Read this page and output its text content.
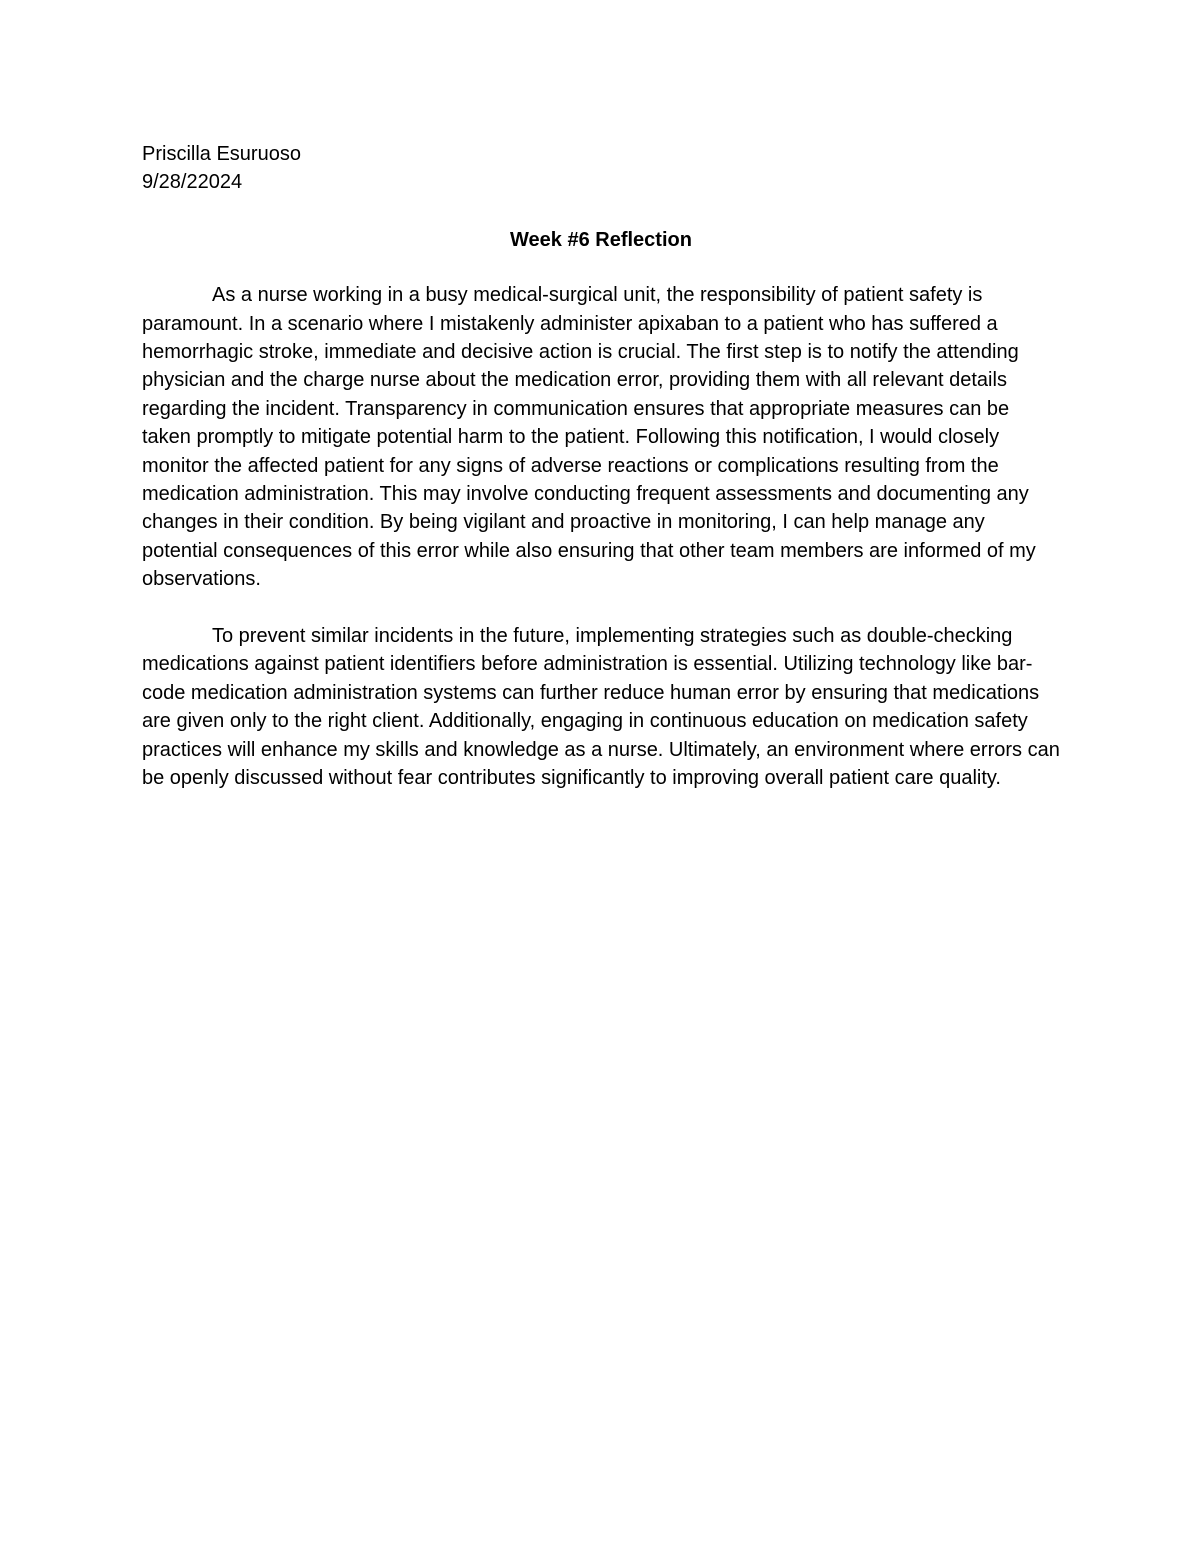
Priscilla Esuruoso

9/28/22024

Week #6 Reflection

As a nurse working in a busy medical-surgical unit, the responsibility of patient safety is paramount. In a scenario where I mistakenly administer apixaban to a patient who has suffered a hemorrhagic stroke, immediate and decisive action is crucial. The first step is to notify the attending physician and the charge nurse about the medication error, providing them with all relevant details regarding the incident. Transparency in communication ensures that appropriate measures can be taken promptly to mitigate potential harm to the patient. Following this notification, I would closely monitor the affected patient for any signs of adverse reactions or complications resulting from the medication administration. This may involve conducting frequent assessments and documenting any changes in their condition. By being vigilant and proactive in monitoring, I can help manage any potential consequences of this error while also ensuring that other team members are informed of my observations.

To prevent similar incidents in the future, implementing strategies such as double-checking medications against patient identifiers before administration is essential. Utilizing technology like bar-code medication administration systems can further reduce human error by ensuring that medications are given only to the right client. Additionally, engaging in continuous education on medication safety practices will enhance my skills and knowledge as a nurse. Ultimately, an environment where errors can be openly discussed without fear contributes significantly to improving overall patient care quality.
